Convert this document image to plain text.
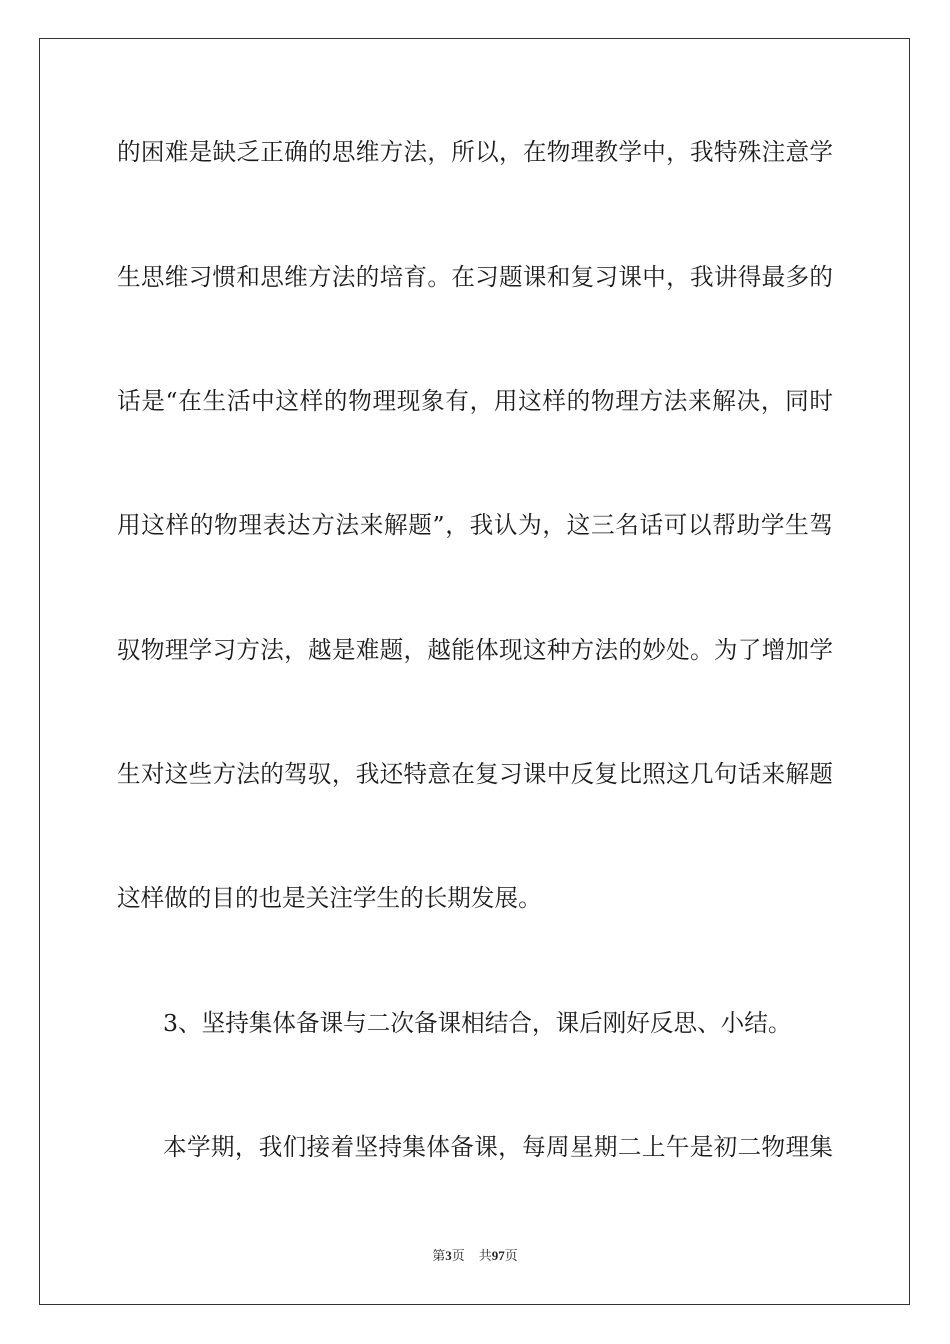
的困难是缺乏正确的思维方法，所以，在物理教学中，我特殊注意学
生思维习惯和思维方法的培育。在习题课和复习课中，我讲得最多的
话是“在生活中这样的物理现象有，用这样的物理方法来解决，同时
用这样的物理表达方法来解题”，我认为，这三名话可以帮助学生驾
驭物理学习方法，越是难题，越能体现这种方法的妙处。为了增加学
生对这些方法的驾驭，我还特意在复习课中反复比照这几句话来解题
这样做的目的也是关注学生的长期发展。
3、坚持集体备课与二次备课相结合，课后刚好反思、小结。
本学期，我们接着坚持集体备课，每周星期二上午是初二物理集
第3页 共97页
